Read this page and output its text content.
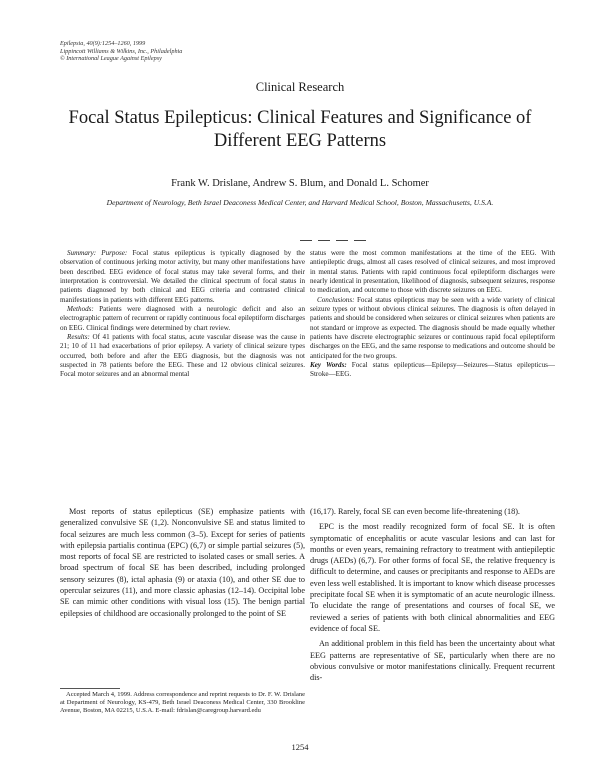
Epilepsia, 40(9):1254–1260, 1999
Lippincott Williams & Wilkins, Inc., Philadelphia
© International League Against Epilepsy
Clinical Research
Focal Status Epilepticus: Clinical Features and Significance of Different EEG Patterns
Frank W. Drislane, Andrew S. Blum, and Donald L. Schomer
Department of Neurology, Beth Israel Deaconess Medical Center, and Harvard Medical School, Boston, Massachusetts, U.S.A.

Summary: Purpose: Focal status epilepticus is typically diagnosed by the observation of continuous jerking motor activity, but many other manifestations have been described. EEG evidence of focal status may take several forms, and their interpretation is controversial. We detailed the clinical spectrum of focal status in patients diagnosed by both clinical and EEG criteria and contrasted clinical manifestations in patients with different EEG patterns.

Methods: Patients were diagnosed with a neurologic deficit and also an electrographic pattern of recurrent or rapidly continuous focal epileptiform discharges on EEG. Clinical findings were determined by chart review.

Results: Of 41 patients with focal status, acute vascular disease was the cause in 21; 10 of 11 had exacerbations of prior epilepsy. A variety of clinical seizure types occurred, both before and after the EEG diagnosis, but the diagnosis was not suspected in 78 patients before the EEG. These and 12 obvious clinical seizures. Focal motor seizures and an abnormal mental

status were the most common manifestations at the time of the EEG. With antiepileptic drugs, almost all cases resolved of clinical seizures, and most improved in mental status. Patients with rapid continuous focal epileptiform discharges were nearly identical in presentation, likelihood of diagnosis, subsequent seizures, response to medication, and outcome to those with discrete seizures on EEG.

Conclusions: Focal status epilepticus may be seen with a wide variety of clinical seizure types or without obvious clinical seizures. The diagnosis is often delayed in patients and should be considered when seizures or clinical seizures when patients are not standard or improve as expected. The diagnosis should be made equally whether patients have discrete electrographic seizures or continuous rapid focal epileptiform discharges on the EEG, and the same response to medications and outcome should be anticipated for the two groups.

Key Words: Focal status epilepticus—Epilepsy—Seizures—Status epilepticus—Stroke—EEG.

Most reports of status epilepticus (SE) emphasize patients with generalized convulsive SE (1,2). Nonconvulsive SE and status limited to focal seizures are much less common (3–5). Except for series of patients with epilepsia partialis continua (EPC) (6,7) or simple partial seizures (5), most reports of focal SE are restricted to isolated cases or small series. A broad spectrum of focal SE has been described, including prolonged sensory seizures (8), ictal aphasia (9) or ataxia (10), and other SE due to opercular seizures (11), and more classic aphasias (12–14). Occipital lobe SE can mimic other conditions with visual loss (15). The benign partial epilepsies of childhood are occasionally prolonged to the point of SE

(16,17). Rarely, focal SE can even become life-threatening (18).

EPC is the most readily recognized form of focal SE. It is often symptomatic of encephalitis or acute vascular lesions and can last for months or even years, remaining refractory to treatment with antiepileptic drugs (AEDs) (6,7). For other forms of focal SE, the relative frequency is difficult to determine, and causes or precipitants and response to AEDs are even less well established. It is important to know which disease processes precipitate focal SE when it is symptomatic of an acute neurologic illness. To elucidate the range of presentations and courses of focal SE, we reviewed a series of patients with both clinical abnormalities and EEG evidence of focal SE.

An additional problem in this field has been the uncertainty about what EEG patterns are representative of SE, particularly when there are no obvious convulsive or motor manifestations clinically. Frequent recurrent dis-

Accepted March 4, 1999. Address correspondence and reprint requests to Dr. F. W. Drislane at Department of Neurology, KS-479, Beth Israel Deaconess Medical Center, 330 Brookline Avenue, Boston, MA 02215, U.S.A. E-mail: fdrislan@caregroup.harvard.edu

1254
